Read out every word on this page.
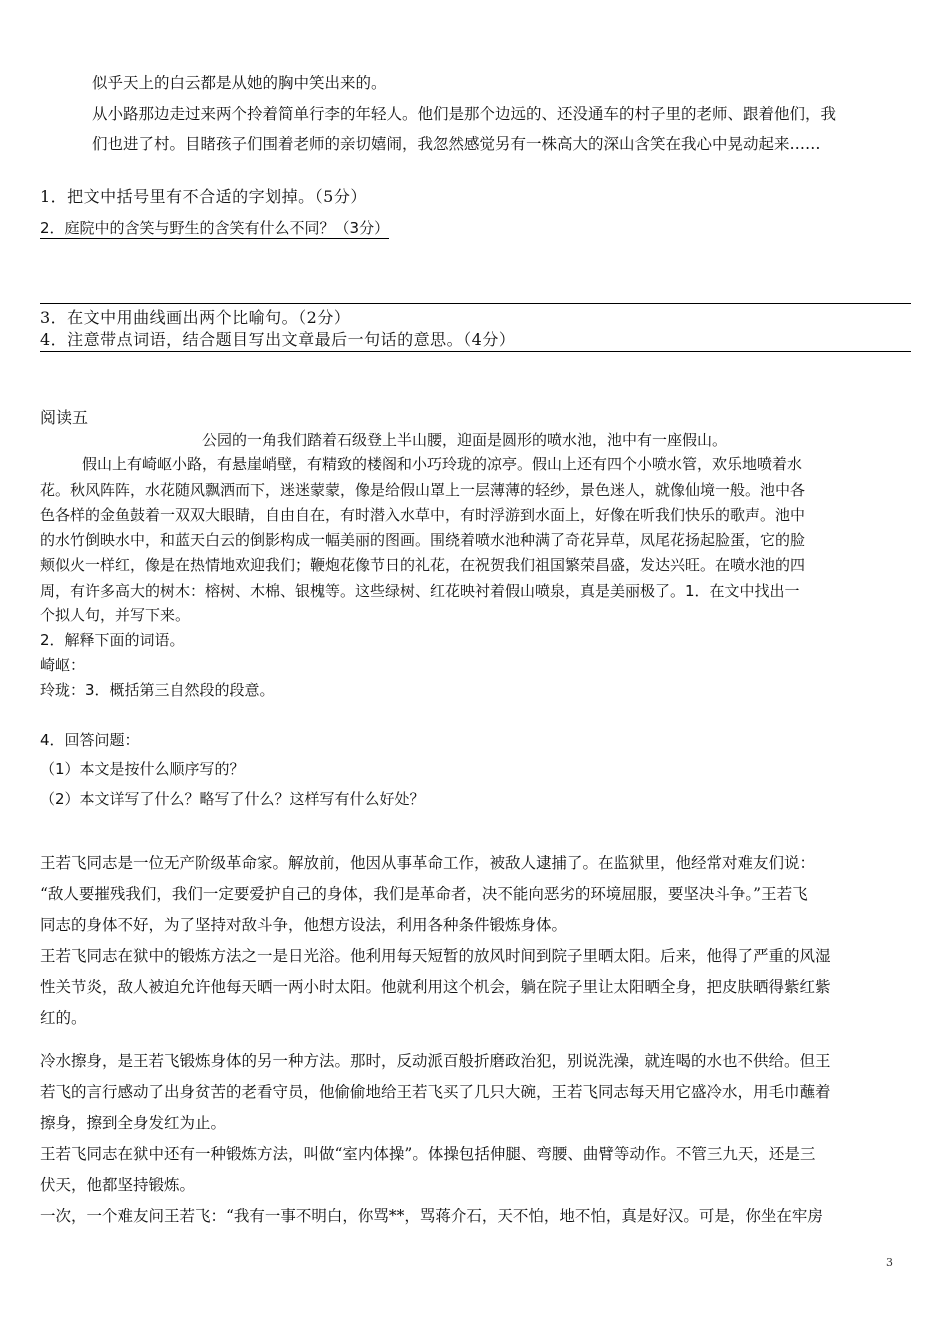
似乎天上的白云都是从她的胸中笑出来的。
从小路那边走过来两个拎着简单行李的年轻人。他们是那个边远的、还没通车的村子里的老师、跟着他们，我
们也进了村。目睹孩子们围着老师的亲切嬉闹，我忽然感觉另有一株高大的深山含笑在我心中晃动起来……
1．把文中括号里有不合适的字划掉。（5分）
2．庭院中的含笑与野生的含笑有什么不同？（3分）
3．在文中用曲线画出两个比喻句。（2分）
4．注意带点词语，结合题目写出文章最后一句话的意思。（4分）
阅读五
公园的一角我们踏着石级登上半山腰，迎面是圆形的喷水池，池中有一座假山。
假山上有崎岖小路，有悬崖峭壁，有精致的楼阁和小巧玲珑的凉亭。假山上还有四个小喷水管，欢乐地喷着水
花。秋风阵阵，水花随风飘洒而下，迷迷蒙蒙，像是给假山罩上一层薄薄的轻纱，景色迷人，就像仙境一般。池中各
色各样的金鱼鼓着一双双大眼睛，自由自在，有时潜入水草中，有时浮游到水面上，好像在听我们快乐的歌声。池中
的水竹倒映水中，和蓝天白云的倒影构成一幅美丽的图画。围绕着喷水池种满了奇花异草，凤尾花扬起脸蛋，它的脸
颊似火一样红，像是在热情地欢迎我们；鞭炮花像节日的礼花，在祝贺我们祖国繁荣昌盛，发达兴旺。在喷水池的四
周，有许多高大的树木：榕树、木棉、银槐等。这些绿树、红花映衬着假山喷泉，真是美丽极了。1．在文中找出一
个拟人句，并写下来。
2．解释下面的词语。
崎岖：
玲珑：3．概括第三自然段的段意。
4．回答问题：
（1）本文是按什么顺序写的？
（2）本文详写了什么？略写了什么？这样写有什么好处？
王若飞同志是一位无产阶级革命家。解放前，他因从事革命工作，被敌人逮捕了。在监狱里，他经常对难友们说：
“敌人要摧残我们，我们一定要爱护自己的身体，我们是革命者，决不能向恶劣的环境屈服，要坚决斗争。”王若飞
同志的身体不好，为了坚持对敌斗争，他想方设法，利用各种条件锻炼身体。
王若飞同志在狱中的锻炼方法之一是日光浴。他利用每天短暂的放风时间到院子里晒太阳。后来，他得了严重的风湿
性关节炎，敌人被迫允许他每天晒一两小时太阳。他就利用这个机会，躺在院子里让太阳晒全身，把皮肤晒得紫红紫
红的。
冷水擦身，是王若飞锻炼身体的另一种方法。那时，反动派百般折磨政治犯，别说洗澡，就连喝的水也不供给。但王
若飞的言行感动了出身贫苦的老看守员，他偷偷地给王若飞买了几只大碗，王若飞同志每天用它盛冷水，用毛巾蘸着
擦身，擦到全身发红为止。
王若飞同志在狱中还有一种锻炼方法，叫做“室内体操”。体操包括伸腿、弯腰、曲臂等动作。不管三九天，还是三
伏天，他都坚持锻炼。
一次，一个难友问王若飞：“我有一事不明白，你骂**，骂蒋介石，天不怕，地不怕，真是好汉。可是，你坐在牢房
3
